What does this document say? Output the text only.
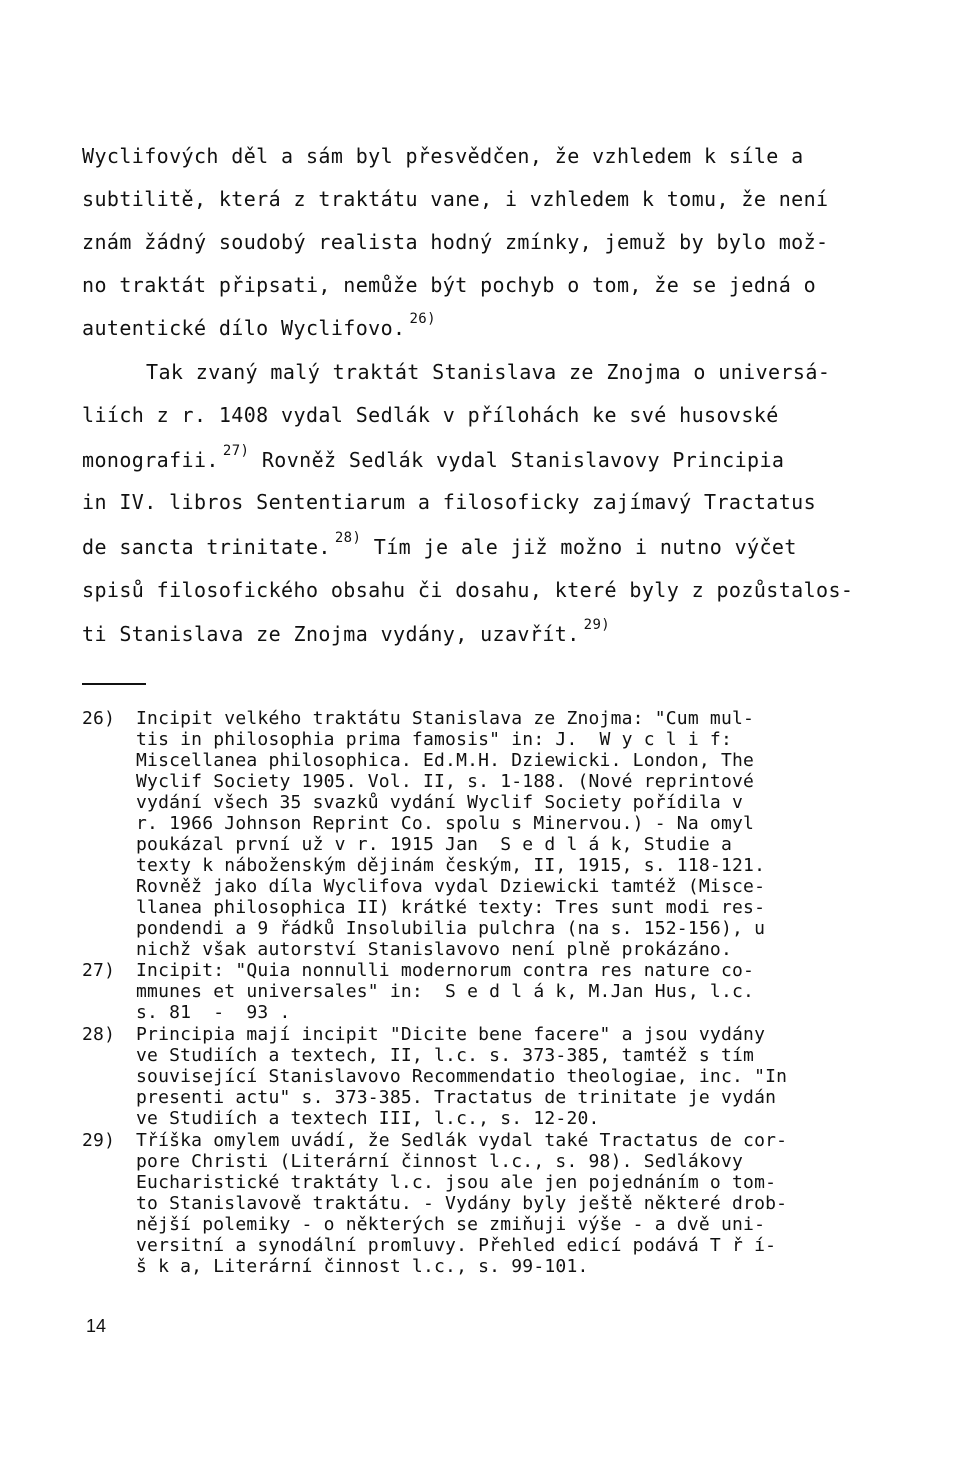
Wyclifových děl a sám byl přesvědčen, že vzhledem k síle a
subtilitě, která z traktátu vane, i vzhledem k tomu, že není
znám žádný soudobý realista hodný zmínky, jemuž by bylo mož-
no traktát připsati, nemůže být pochyb o tom, že se jedná o
autentické dílo Wyclifovo. $^{26)}$
Tak zvaný malý traktát Stanislava ze Znojma o universá-
liích z r. 1408 vydal Sedlák v přílohách ke své husovské
monografii. $^{27)}$ Rovněž Sedlák vydal Stanislavovy Principia
in IV. libros Sententiarum a filosoficky zajímavý Tractatus
de sancta trinitate. $^{28)}$ Tím je ale již možno i nutno výčet
spisů filosofického obsahu či dosahu, které byly z pozůstalos-
ti Stanislava ze Znojma vydány, uzavřít. $^{29)}$
26) Incipit velkého traktátu Stanislava ze Znojma: "Cum mul-
tis in philosophia prima famosis" in: J.  W y c l i f:
Miscellanea philosophica. Ed.M.H. Dziewicki. London, The
Wyclif Society 1905. Vol. II, s. 1-188. (Nové reprintové
vydání všech 35 svazků vydání Wyclif Society pořídila v
r. 1966 Johnson Reprint Co. spolu s Minervou.) - Na omyl
poukázal první už v r. 1915 Jan  S e d l á k, Studie a
texty k náboženským dějinám českým, II, 1915, s. 118-121.
Rovněž jako díla Wyclifova vydal Dziewicki tamtéž (Misce-
llanea philosophica II) krátké texty: Tres sunt modi res-
pondendi a 9 řádků Insolubilia pulchra (na s. 152-156), u
nichž však autorství Stanislavovo není plně prokázáno.
27) Incipit: "Quia nonnulli modernorum contra res nature co-
mmunes et universales" in:  S e d l á k, M.Jan Hus, l.c.
s. 81  -  93 .
28) Principia mají incipit "Dicite bene facere" a jsou vydány
ve Studiích a textech, II, l.c. s. 373-385, tamtéž s tím
související Stanislavovo Recommendatio theologiae, inc. "In
presenti actu" s. 373-385. Tractatus de trinitate je vydán
ve Studiích a textech III, l.c., s. 12-20.
29) Tříška omylem uvádí, že Sedlák vydal také Tractatus de cor-
pore Christi (Literární činnost l.c., s. 98). Sedlákovy
Eucharistické traktáty l.c. jsou ale jen pojednáním o tom-
to Stanislavově traktátu. - Vydány byly ještě některé drob-
nější polemiky - o některých se zmiňuji výše - a dvě uni-
versitní a synodální promluvy. Přehled edicí podává T ř í-
š k a, Literární činnost l.c., s. 99-101.
14
